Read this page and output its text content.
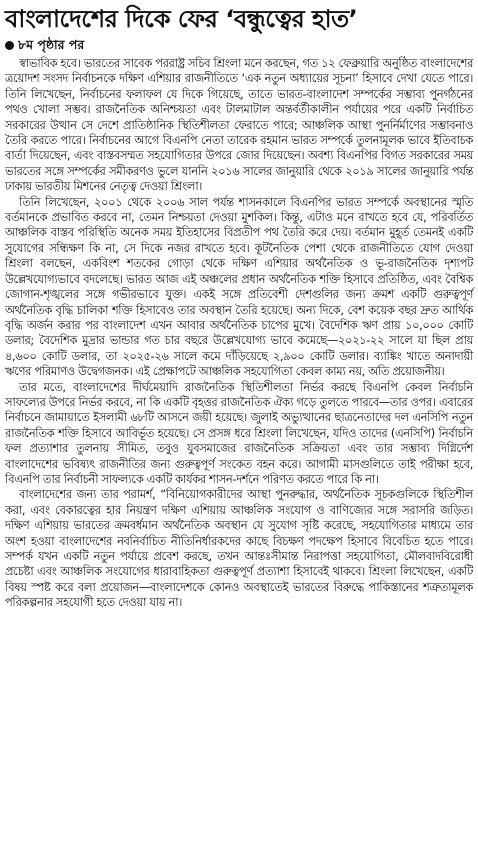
বাংলাদেশের দিকে ফের ‘বন্ধুত্বের হাত’
৮ম পৃষ্ঠার পর

স্বাভাবিক হবে। ভারতের সাবেক পররাষ্ট্র সচিব শ্রিংলা মনে করছেন, গত ১২ ফেব্রুয়ারি অনুষ্ঠিত বাংলাদেশের ত্রয়োদশ সংসদ নির্বাচনকে দক্ষিণ এশিয়ার রাজনীতিতে ‘এক নতুন অধ্যায়ের সূচনা’ হিসাবে দেখা যেতে পারে। তিনি লিখেছেন, নির্বাচনের ফলাফল যে দিকে গিয়েছে, তাতে ভারত-বাংলাদেশ সম্পর্কের সম্ভাব্য পুনর্গঠনের পথও খোলা সম্ভব। রাজনৈতিক অনিশ্চয়তা এবং টালমাটাল অন্তর্বর্তীকালীন পর্যায়ের পরে একটি নির্বাচিত সরকারের উত্থান সে দেশে প্রাতিষ্ঠানিক স্থিতিশীলতা ফেরাতে পারে; আঞ্চলিক আস্থা পুনর্নির্মাণের সম্ভাবনাও তৈরি করতে পারে। নির্বাচনের আগে বিএনপি নেতা তারেক রহমান ভারত সম্পর্কে তুলনামূলক ভাবে ইতিবাচক বার্তা দিয়েছেন, এবং বাস্তবসম্মত সহযোগিতার উপরে জোর দিয়েছেন। অবশ্য বিএনপির বিগত সরকারের সময় ভারতের সঙ্গে সম্পর্কের সমীকরণও ভুলে যাননি ২০১৬ সালের জানুয়ারি থেকে ২০১৯ সালের জানুয়ারি পর্যন্ত ঢাকায় ভারতীয় মিশনের নেতৃত্ব দেওয়া শ্রিংলা।

তিনি লিখেছেন, ২০০১ থেকে ২০০৬ সাল পর্যন্ত শাসনকালে বিএনপির ভারত সম্পর্কে অবস্থানের স্মৃতি বর্তমানকে প্রভাবিত করবে না, তেমন নিশ্চয়তা দেওয়া মুশকিল। কিন্তু, এটাও মনে রাখতে হবে যে, পরিবর্তিত আঞ্চলিক বাস্তব পরিস্থিতি অনেক সময় ইতিহাসের বিপ্রতীপ পথ তৈরি করে দেয়। বর্তমান মুহূর্ত তেমনই একটি সুযোগের সন্ধিক্ষণ কি না, সে দিকে নজর রাখতে হবে। কূটনৈতিক পেশা থেকে রাজনীতিতে যোগ দেওয়া শ্রিংলা বলছেন, একবিংশ শতকের গোড়া থেকে দক্ষিণ এশিয়ার অর্থনৈতিক ও ভূ-রাজনৈতিক দৃশ্যপট উল্লেখযোগ্যভাবে বদলেছে। ভারত আজ এই অঞ্চলের প্রধান অর্থনৈতিক শক্তি হিসাবে প্রতিষ্ঠিত, এবং বৈশ্বিক জোগান-শৃঙ্খলের সঙ্গে গভীরভাবে যুক্ত। একই সঙ্গে প্রতিবেশী দেশগুলির জন্য ক্রমশ একটি গুরুত্বপূর্ণ অর্থনৈতিক বৃদ্ধি চালিকা শক্তি হিসাবেও তার অবস্থান তৈরি হয়েছে। অন্য দিকে, বেশ কয়েক বছর দ্রুত আর্থিক বৃদ্ধি অর্জন করার পর বাংলাদেশ এখন আবার অর্থনৈতিক চাপের মুখে। বৈদেশিক ঋণ প্রায় ১০,০০০ কোটি ডলার; বৈদেশিক মুদ্রার ভান্ডার গত চার বছরে উল্লেখযোগ্য ভাবে কমেছে—২০২১-২২ সালে যা ছিল প্রায় ৪,৬০০ কোটি ডলার, তা ২০২৫-২৬ সালে কমে দাঁড়িয়েছে ২,৯০০ কোটি ডলার। ব্যাঙ্কিং খাতে অনাদায়ী ঋণের পরিমাণও উদ্বেগজনক। এই প্রেক্ষাপটে আঞ্চলিক সহযোগিতা কেবল কাম্য নয়, অতি প্রয়োজনীয়।

তার মতে, বাংলাদেশের দীর্ঘমেয়াদি রাজনৈতিক স্থিতিশীলতা নির্ভর করছে বিএনপি কেবল নির্বাচনি সাফল্যের উপরে নির্ভর করবে, না কি একটি বৃহত্তর রাজনৈতিক ঐক্য গড়ে তুলতে পারবে—তার ওপর। এবারের নির্বাচনে জামায়াতে ইসলামী ৬৮টি আসনে জয়ী হয়েছে। জুলাই অভ্যুত্থানের ছাত্রনেতাদের দল এনসিপি নতুন রাজনৈতিক শক্তি হিসাবে আবির্ভূত হয়েছে। সে প্রসঙ্গ ধরে শ্রিংলা লিখেছেন, যদিও তাদের (এনসিপি) নির্বাচনি ফল প্রত্যাশার তুলনায় সীমিত, তবুও যুবসমাজের রাজনৈতিক সক্রিয়তা এবং তার সম্ভাব্য দিগ্নির্দেশ বাংলাদেশের ভবিষ্যৎ রাজনীতির জন্য গুরুত্বপূর্ণ সংকেত বহন করে। আগামী মাসগুলিতে তাই পরীক্ষা হবে, বিএনপি তার নির্বাচনী সাফল্যকে একটি কার্যকর শাসন-দর্শনে পরিণত করতে পারে কি না।

বাংলাদেশের জন্য তার পরামর্শ, “বিনিয়োগকারীদের আস্থা পুনরুদ্ধার, অর্থনৈতিক সূচকগুলিকে স্থিতিশীল করা, এবং বেকারত্বের হার নিয়ন্ত্রণ দক্ষিণ এশিয়ায় আঞ্চলিক সংযোগ ও বাণিজ্যের সঙ্গে সরাসরি জড়িত। দক্ষিণ এশিয়ায় ভারতের ক্রমবর্ধমান অর্থনৈতিক অবস্থান যে সুযোগ সৃষ্টি করেছে, সহযোগিতার মাধ্যমে তার অংশ হওয়া বাংলাদেশের নবনির্বাচিত নীতিনির্ধারকদের কাছে বিচক্ষণ পদক্ষেপ হিসাবে বিবেচিত হতে পারে। সম্পর্ক যখন একটি নতুন পর্যায়ে প্রবেশ করছে, তখন আন্তঃসীমান্ত নিরাপত্তা সহযোগিতা, মৌলবাদবিরোধী প্রচেষ্টা এবং আঞ্চলিক সংযোগের ধারাবাহিকতা গুরুত্বপূর্ণ প্রত্যাশা হিসাবেই থাকবে। শ্রিংলা লিখেছেন, একটি বিষয় স্পষ্ট করে বলা প্রয়োজন—বাংলাদেশকে কোনও অবস্থাতেই ভারতের বিরুদ্ধে পাকিস্তানের শত্রুতামূলক পরিকল্পনার সহযোগী হতে দেওয়া যায় না।
